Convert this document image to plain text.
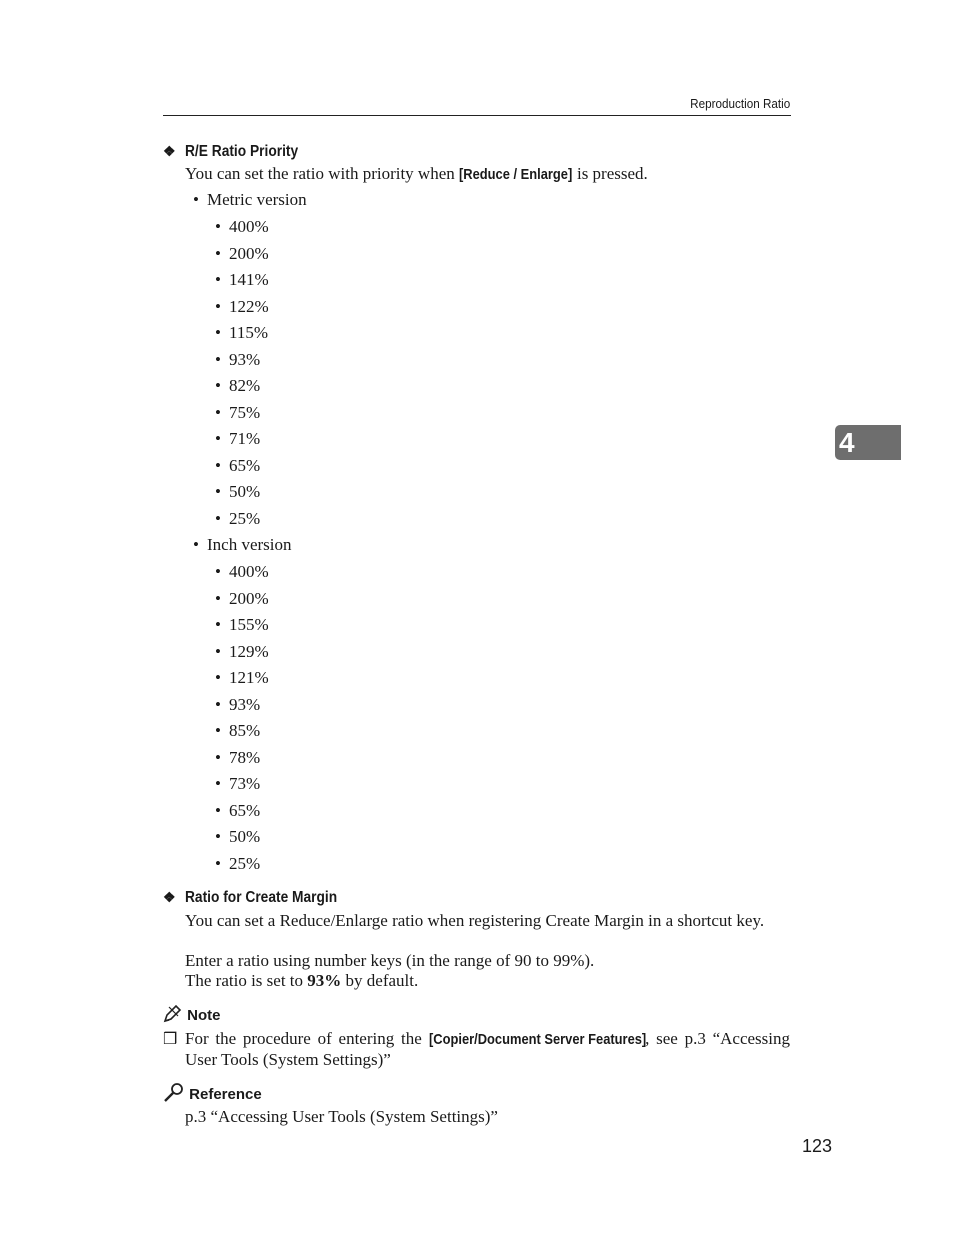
Reproduction Ratio
4
❖ R/E Ratio Priority
You can set the ratio with priority when [Reduce / Enlarge] is pressed.
• Metric version
• 400%
• 200%
• 141%
• 122%
• 115%
• 93%
• 82%
• 75%
• 71%
• 65%
• 50%
• 25%
• Inch version
• 400%
• 200%
• 155%
• 129%
• 121%
• 93%
• 85%
• 78%
• 73%
• 65%
• 50%
• 25%
❖ Ratio for Create Margin
You can set a Reduce/Enlarge ratio when registering Create Margin in a shortcut key.
Enter a ratio using number keys (in the range of 90 to 99%).
The ratio is set to 93% by default.
Note
❒ For the procedure of entering the [Copier/Document Server Features], see p.3 “Accessing User Tools (System Settings)”
Reference
p.3 “Accessing User Tools (System Settings)”
123
